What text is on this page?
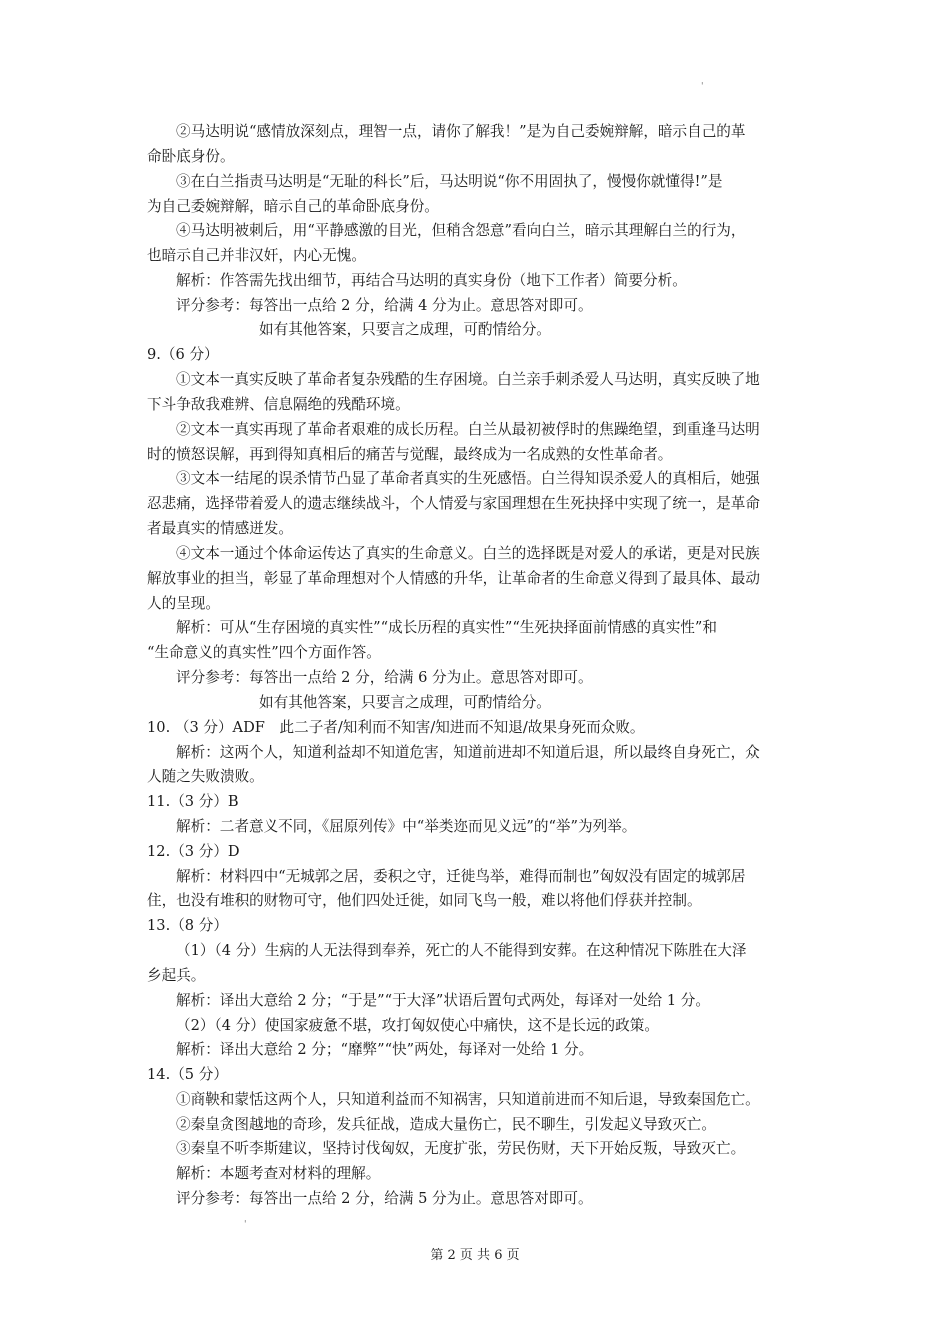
'
②马达明说“感情放深刻点，理智一点，请你了解我！”是为自己委婉辩解，暗示自己的革
命卧底身份。
③在白兰指责马达明是“无耻的科长”后，马达明说“你不用固执了，慢慢你就懂得!”是
为自己委婉辩解，暗示自己的革命卧底身份。
④马达明被刺后，用“平静感激的目光，但稍含怨意”看向白兰，暗示其理解白兰的行为，
也暗示自己并非汉奸，内心无愧。
解析：作答需先找出细节，再结合马达明的真实身份（地下工作者）简要分析。
评分参考：每答出一点给 2 分，给满 4 分为止。意思答对即可。
如有其他答案，只要言之成理，可酌情给分。
9.（6 分）
①文本一真实反映了革命者复杂残酷的生存困境。白兰亲手刺杀爱人马达明，真实反映了地
下斗争敌我难辨、信息隔绝的残酷环境。
②文本一真实再现了革命者艰难的成长历程。白兰从最初被俘时的焦躁绝望，到重逢马达明
时的愤怒误解，再到得知真相后的痛苦与觉醒，最终成为一名成熟的女性革命者。
③文本一结尾的误杀情节凸显了革命者真实的生死感悟。白兰得知误杀爱人的真相后，她强
忍悲痛，选择带着爱人的遗志继续战斗，个人情爱与家国理想在生死抉择中实现了统一，是革命
者最真实的情感迸发。
④文本一通过个体命运传达了真实的生命意义。白兰的选择既是对爱人的承诺，更是对民族
解放事业的担当，彰显了革命理想对个人情感的升华，让革命者的生命意义得到了最具体、最动
人的呈现。
解析：可从“生存困境的真实性”“成长历程的真实性”“生死抉择面前情感的真实性”和
“生命意义的真实性”四个方面作答。
评分参考：每答出一点给 2 分，给满 6 分为止。意思答对即可。
如有其他答案，只要言之成理，可酌情给分。
10. （3 分）ADF　此二子者/知利而不知害/知进而不知退/故果身死而众败。
解析：这两个人，知道利益却不知道危害，知道前进却不知道后退，所以最终自身死亡，众
人随之失败溃败。
11.（3 分）B
解析：二者意义不同，《屈原列传》中“举类迩而见义远”的“举”为列举。
12.（3 分）D
解析：材料四中“无城郭之居，委积之守，迁徙鸟举，难得而制也”匈奴没有固定的城郭居
住，也没有堆积的财物可守，他们四处迁徙，如同飞鸟一般，难以将他们俘获并控制。
13.（8 分）
（1）（4 分）生病的人无法得到奉养，死亡的人不能得到安葬。在这种情况下陈胜在大泽
乡起兵。
解析：译出大意给 2 分；“于是”“于大泽”状语后置句式两处，每译对一处给 1 分。
（2）（4 分）使国家疲惫不堪，攻打匈奴使心中痛快，这不是长远的政策。
解析：译出大意给 2 分；“靡弊”“快”两处，每译对一处给 1 分。
14.（5 分）
①商鞅和蒙恬这两个人，只知道利益而不知祸害，只知道前进而不知后退，导致秦国危亡。
②秦皇贪图越地的奇珍，发兵征战，造成大量伤亡，民不聊生，引发起义导致灭亡。
③秦皇不听李斯建议，坚持讨伐匈奴，无度扩张，劳民伤财，天下开始反叛，导致灭亡。
解析：本题考查对材料的理解。
评分参考：每答出一点给 2 分，给满 5 分为止。意思答对即可。
'
第 2 页 共 6 页
